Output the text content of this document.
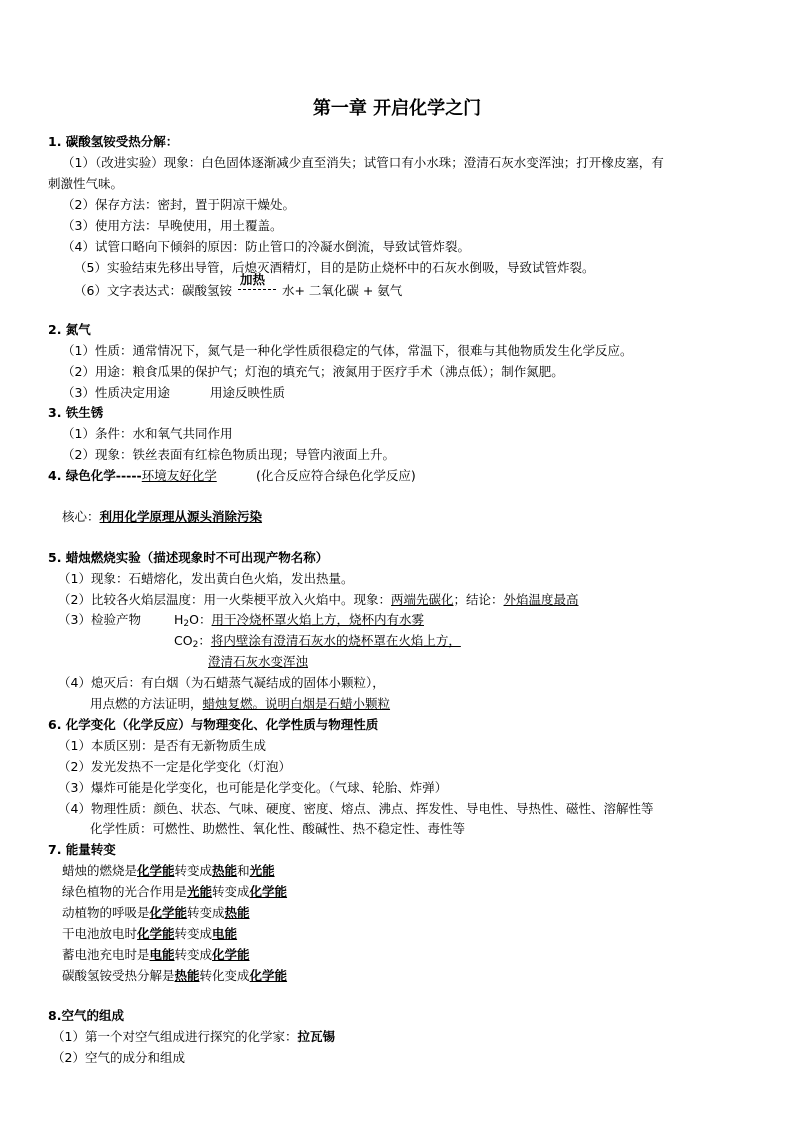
第一章 开启化学之门
1. 碳酸氢铵受热分解：
（1）（改进实验）现象：白色固体逐渐减少直至消失；试管口有小水珠；澄清石灰水变浑浊；打开橡皮塞，有
刺激性气味。
（2）保存方法：密封，置于阴凉干燥处。
（3）使用方法：早晚使用，用土覆盖。
（4）试管口略向下倾斜的原因：防止管口的冷凝水倒流，导致试管炸裂。
（5）实验结束先移出导管，后熄灭酒精灯，目的是防止烧杯中的石灰水倒吸，导致试管炸裂。
（6）文字表达式：碳酸氢铵
加热
水+ 二氧化碳 + 氨气
2. 氮气
（1）性质：通常情况下，氮气是一种化学性质很稳定的气体，常温下，很难与其他物质发生化学反应。
（2）用途：粮食瓜果的保护气；灯泡的填充气；液氮用于医疗手术（沸点低）；制作氮肥。
（3）性质决定用途	用途反映性质
3. 铁生锈
（1）条件：水和氧气共同作用
（2）现象：铁丝表面有红棕色物质出现；导管内液面上升。
4. 绿色化学-----环境友好化学	(化合反应符合绿色化学反应)
核心：利用化学原理从源头消除污染
5. 蜡烛燃烧实验（描述现象时不可出现产物名称）
（1）现象：石蜡熔化，发出黄白色火焰，发出热量。
（2）比较各火焰层温度：用一火柴梗平放入火焰中。现象：两端先碳化；结论：外焰温度最高
（3）检验产物	$H_2O$：用干冷烧杯罩火焰上方，烧杯内有水雾
$CO_2$：将内壁涂有澄清石灰水的烧杯罩在火焰上方，
澄清石灰水变浑浊
（4）熄灭后：有白烟（为石蜡蒸气凝结成的固体小颗粒），
用点燃的方法证明，蜡烛复燃。说明白烟是石蜡小颗粒
6. 化学变化（化学反应）与物理变化、化学性质与物理性质
（1）本质区别：是否有无新物质生成
（2）发光发热不一定是化学变化（灯泡）
（3）爆炸可能是化学变化，也可能是化学变化。（气球、轮胎、炸弹）
（4）物理性质：颜色、状态、气味、硬度、密度、熔点、沸点、挥发性、导电性、导热性、磁性、溶解性等
化学性质：可燃性、助燃性、氧化性、酸碱性、热不稳定性、毒性等
7. 能量转变
蜡烛的燃烧是化学能转变成热能和光能
绿色植物的光合作用是光能转变成化学能
动植物的呼吸是化学能转变成热能
干电池放电时化学能转变成电能
蓄电池充电时是电能转变成化学能
碳酸氢铵受热分解是热能转化变成化学能
8.空气的组成
（1）第一个对空气组成进行探究的化学家：拉瓦锡
（2）空气的成分和组成
